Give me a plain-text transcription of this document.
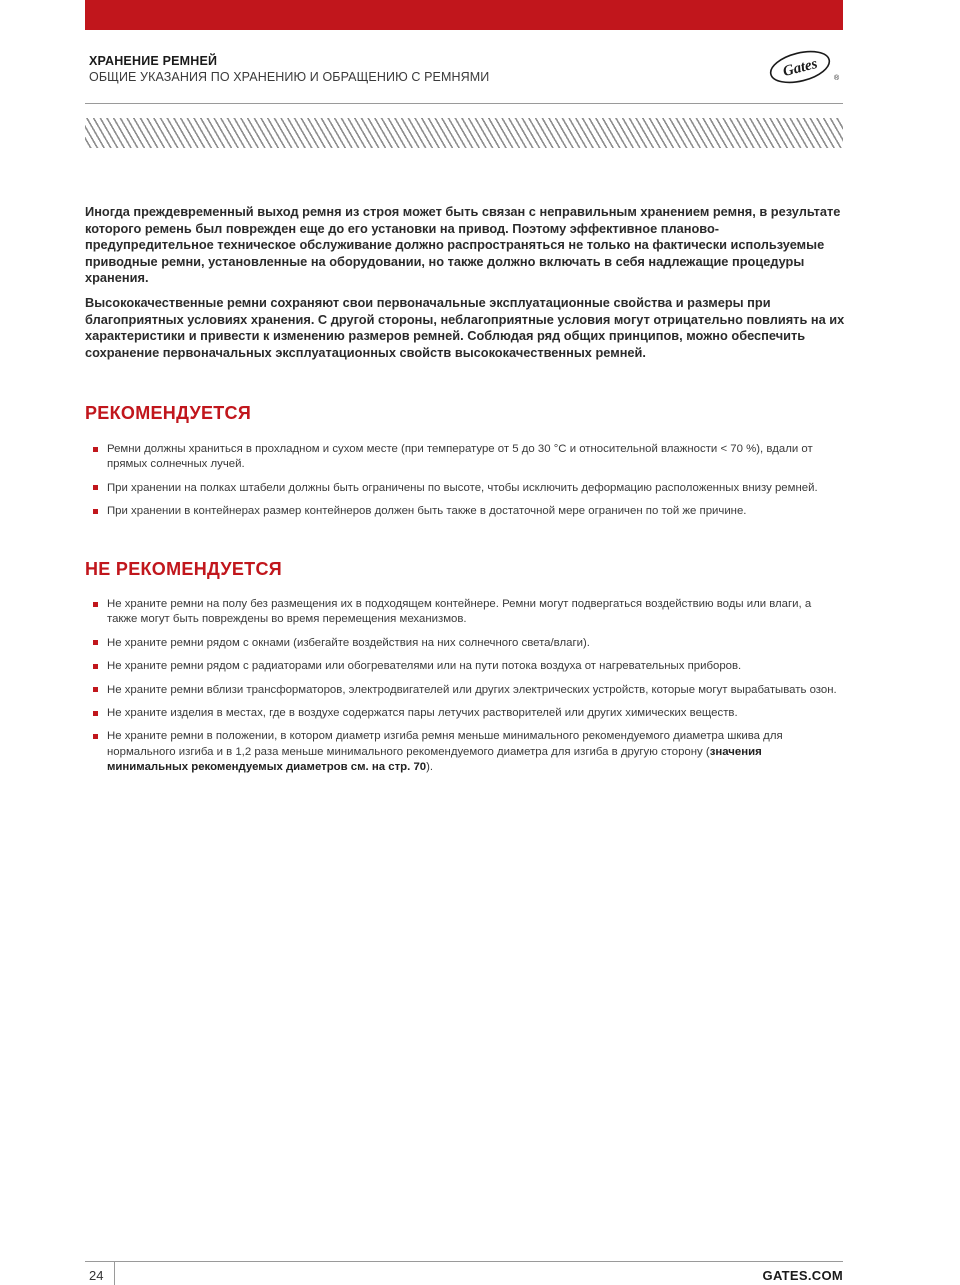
ХРАНЕНИЕ РЕМНЕЙ
ОБЩИЕ УКАЗАНИЯ ПО ХРАНЕНИЮ И ОБРАЩЕНИЮ С РЕМНЯМИ	Gates ®

Иногда преждевременный выход ремня из строя может быть связан с неправильным хранением ремня, в результате которого ремень был поврежден еще до его установки на привод. Поэтому эффективное планово-предупредительное техническое обслуживание должно распространяться не только на фактически используемые приводные ремни, установленные на оборудовании, но также должно включать в себя надлежащие процедуры хранения.

Высококачественные ремни сохраняют свои первоначальные эксплуатационные свойства и размеры при благоприятных условиях хранения. С другой стороны, неблагоприятные условия могут отрицательно повлиять на их характеристики и привести к изменению размеров ремней. Соблюдая ряд общих принципов, можно обеспечить сохранение первоначальных эксплуатационных свойств высококачественных ремней.

РЕКОМЕНДУЕТСЯ
Ремни должны храниться в прохладном и сухом месте (при температуре от 5 до 30 °C и относительной влажности < 70 %), вдали от прямых солнечных лучей.
При хранении на полках штабели должны быть ограничены по высоте, чтобы исключить деформацию расположенных внизу ремней.
При хранении в контейнерах размер контейнеров должен быть также в достаточной мере ограничен по той же причине.
НЕ РЕКОМЕНДУЕТСЯ
Не храните ремни на полу без размещения их в подходящем контейнере. Ремни могут подвергаться воздействию воды или влаги, а также могут быть повреждены во время перемещения механизмов.
Не храните ремни рядом с окнами (избегайте воздействия на них солнечного света/влаги).
Не храните ремни рядом с радиаторами или обогревателями или на пути потока воздуха от нагревательных приборов.
Не храните ремни вблизи трансформаторов, электродвигателей или других электрических устройств, которые могут вырабатывать озон.
Не храните изделия в местах, где в воздухе содержатся пары летучих растворителей или других химических веществ.
Не храните ремни в положении, в котором диаметр изгиба ремня меньше минимального рекомендуемого диаметра шкива для нормального изгиба и в 1,2 раза меньше минимального рекомендуемого диаметра для изгиба в другую сторону (значения минимальных рекомендуемых диаметров см. на стр. 70).
24	GATES.COM
